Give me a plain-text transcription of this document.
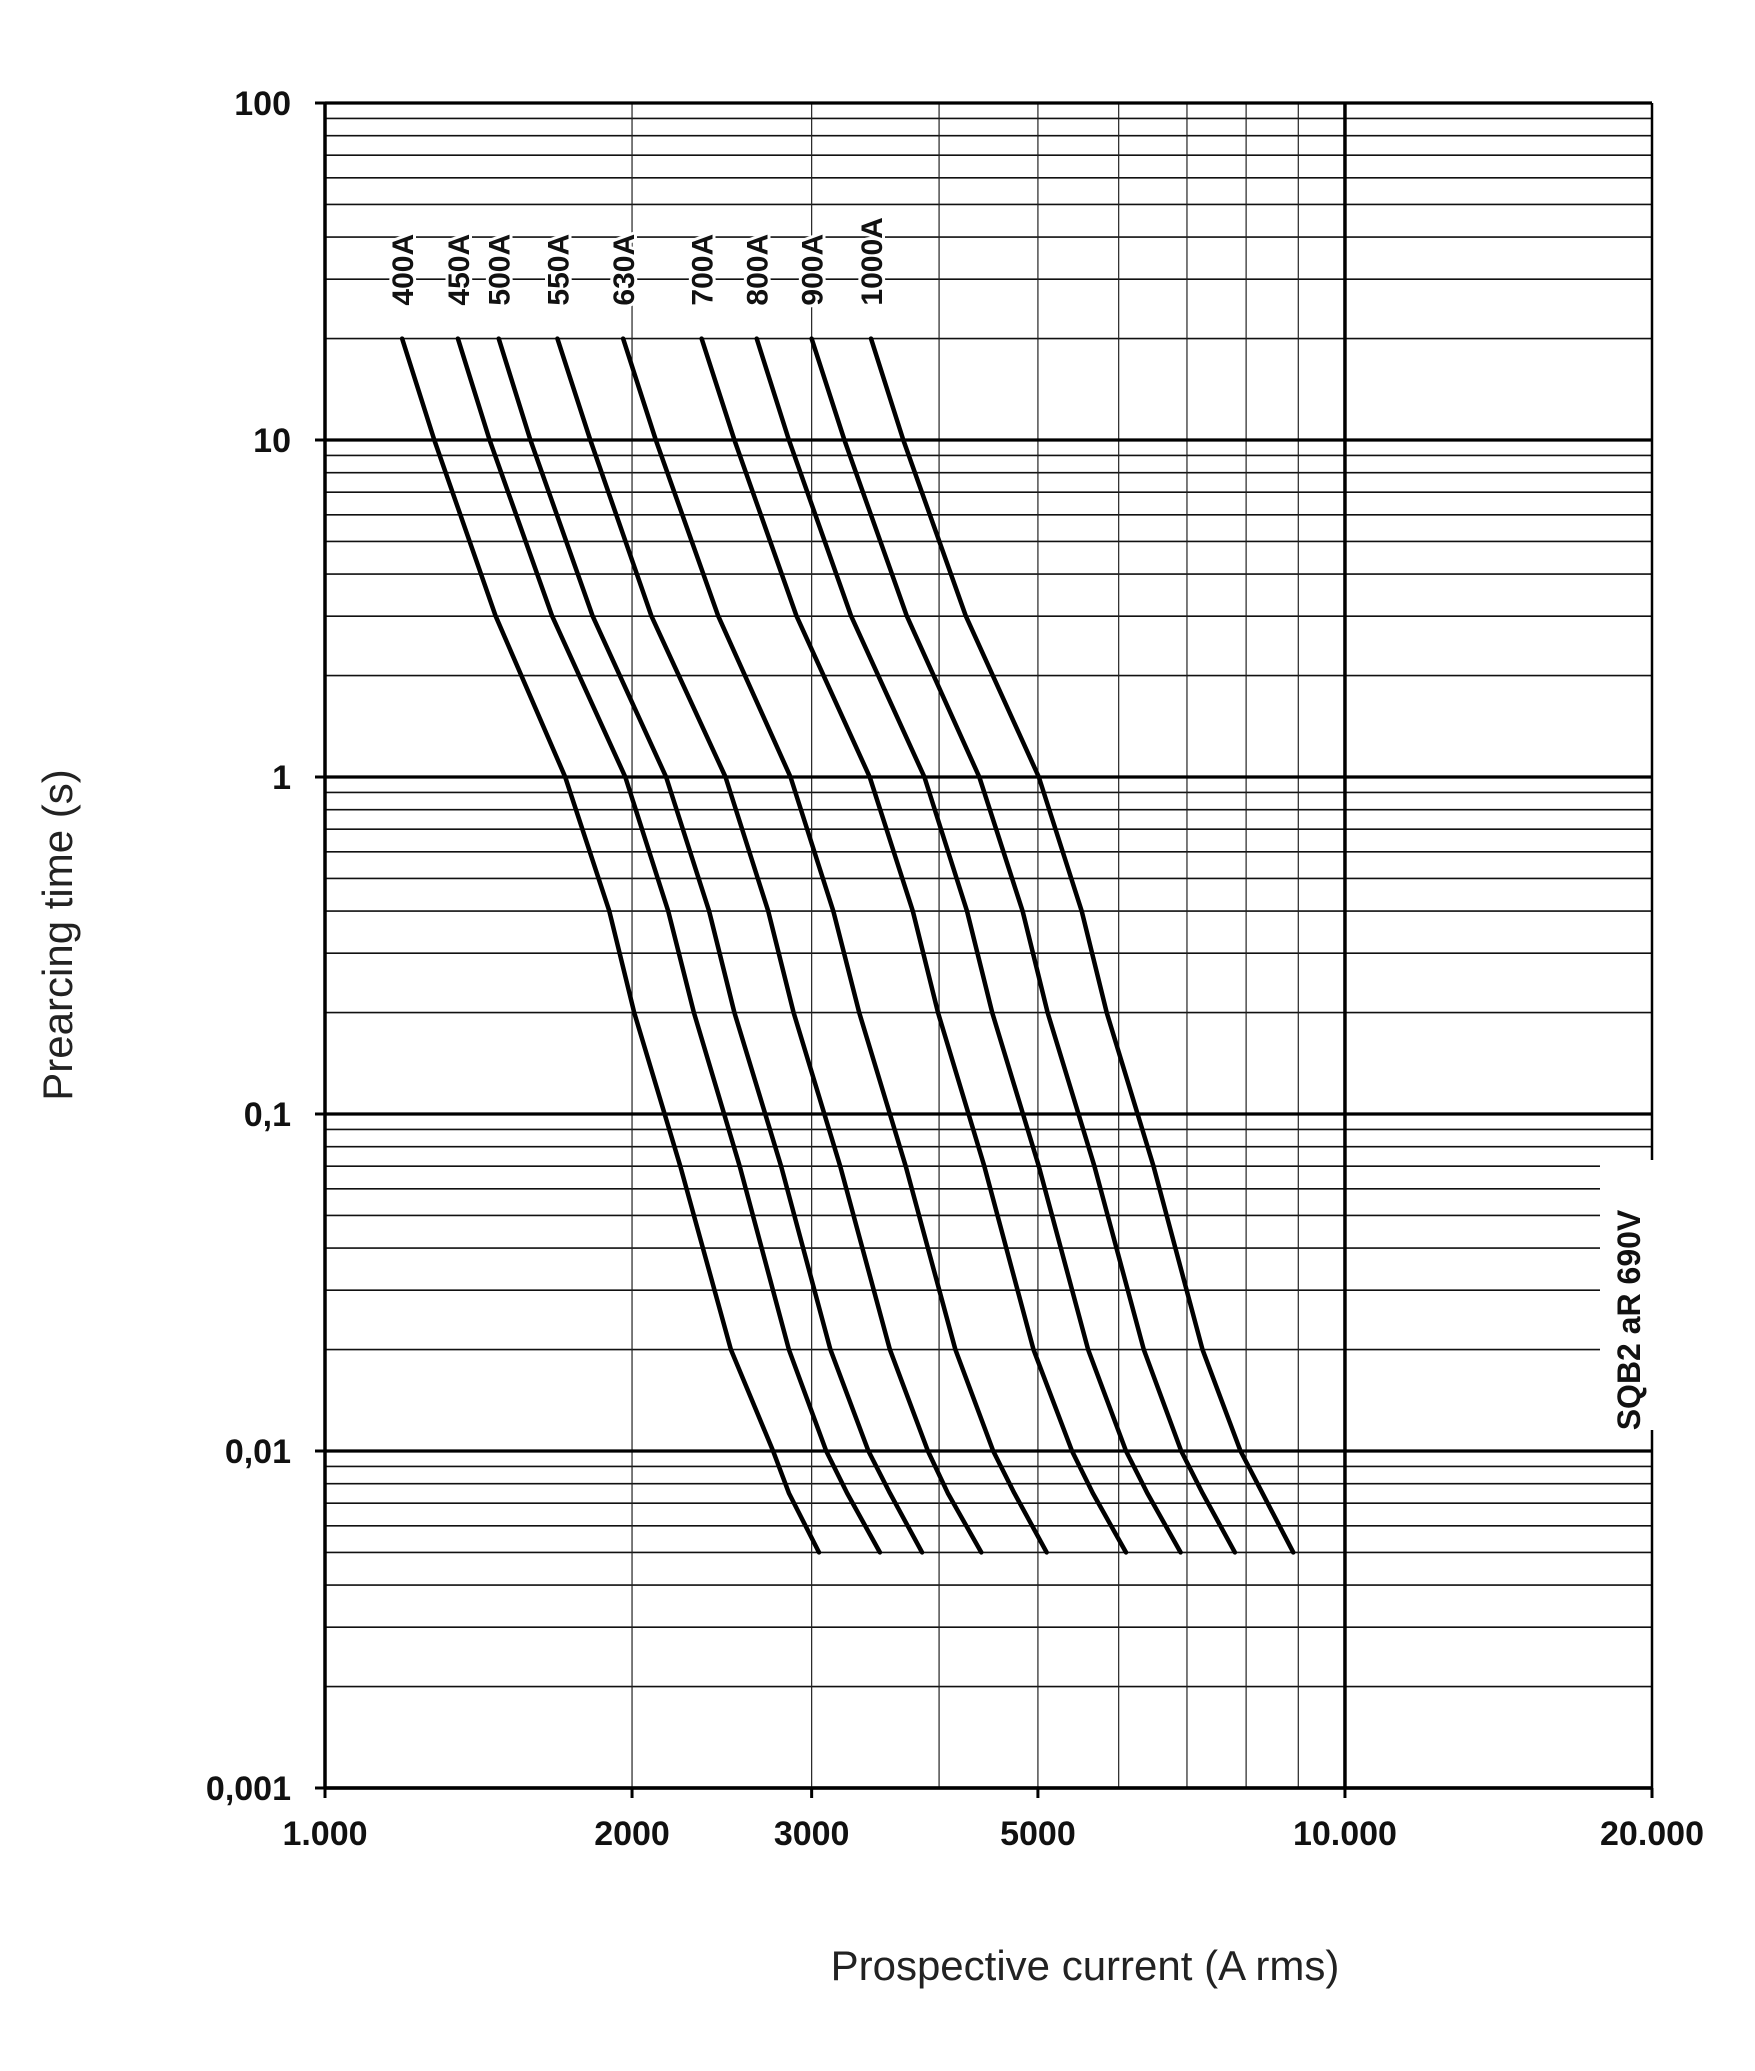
400A 450A 500A 550A 630A 700A 800A 900A 1000A
1.000	2000	3000	5000	10.000	20.000
100
10
1
0,1
0,01
0,001
Prospective current (A rms)
Prearcing time (s)
SQB2 aR 690V
